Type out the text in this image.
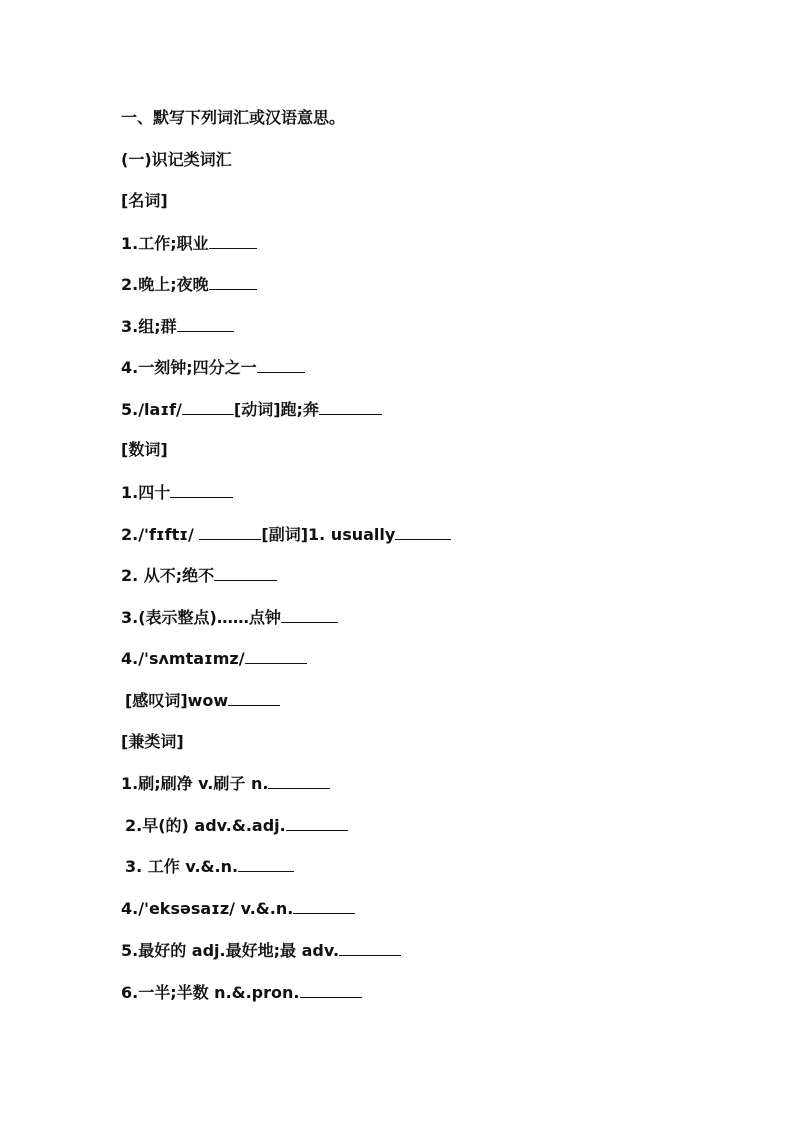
一、默写下列词汇或汉语意思。
(一)识记类词汇
[名词]
1.工作;职业
2.晚上;夜晚
3.组;群
4.一刻钟;四分之一
5./laɪf/	[动词]跑;奔
[数词]
1.四十
2./'fɪftɪ/	[副词]1. usually
2. 从不;绝不
3.(表示整点)……点钟
4./'sʌmtaɪmz/
[感叹词]wow
[兼类词]
1.刷;刷净 v.刷子 n.
2.早(的) adv.&.adj.
3. 工作 v.&.n.
4./'eksəsaɪz/ v.&.n.
5.最好的 adj.最好地;最 adv.
6.一半;半数 n.&.pron.
